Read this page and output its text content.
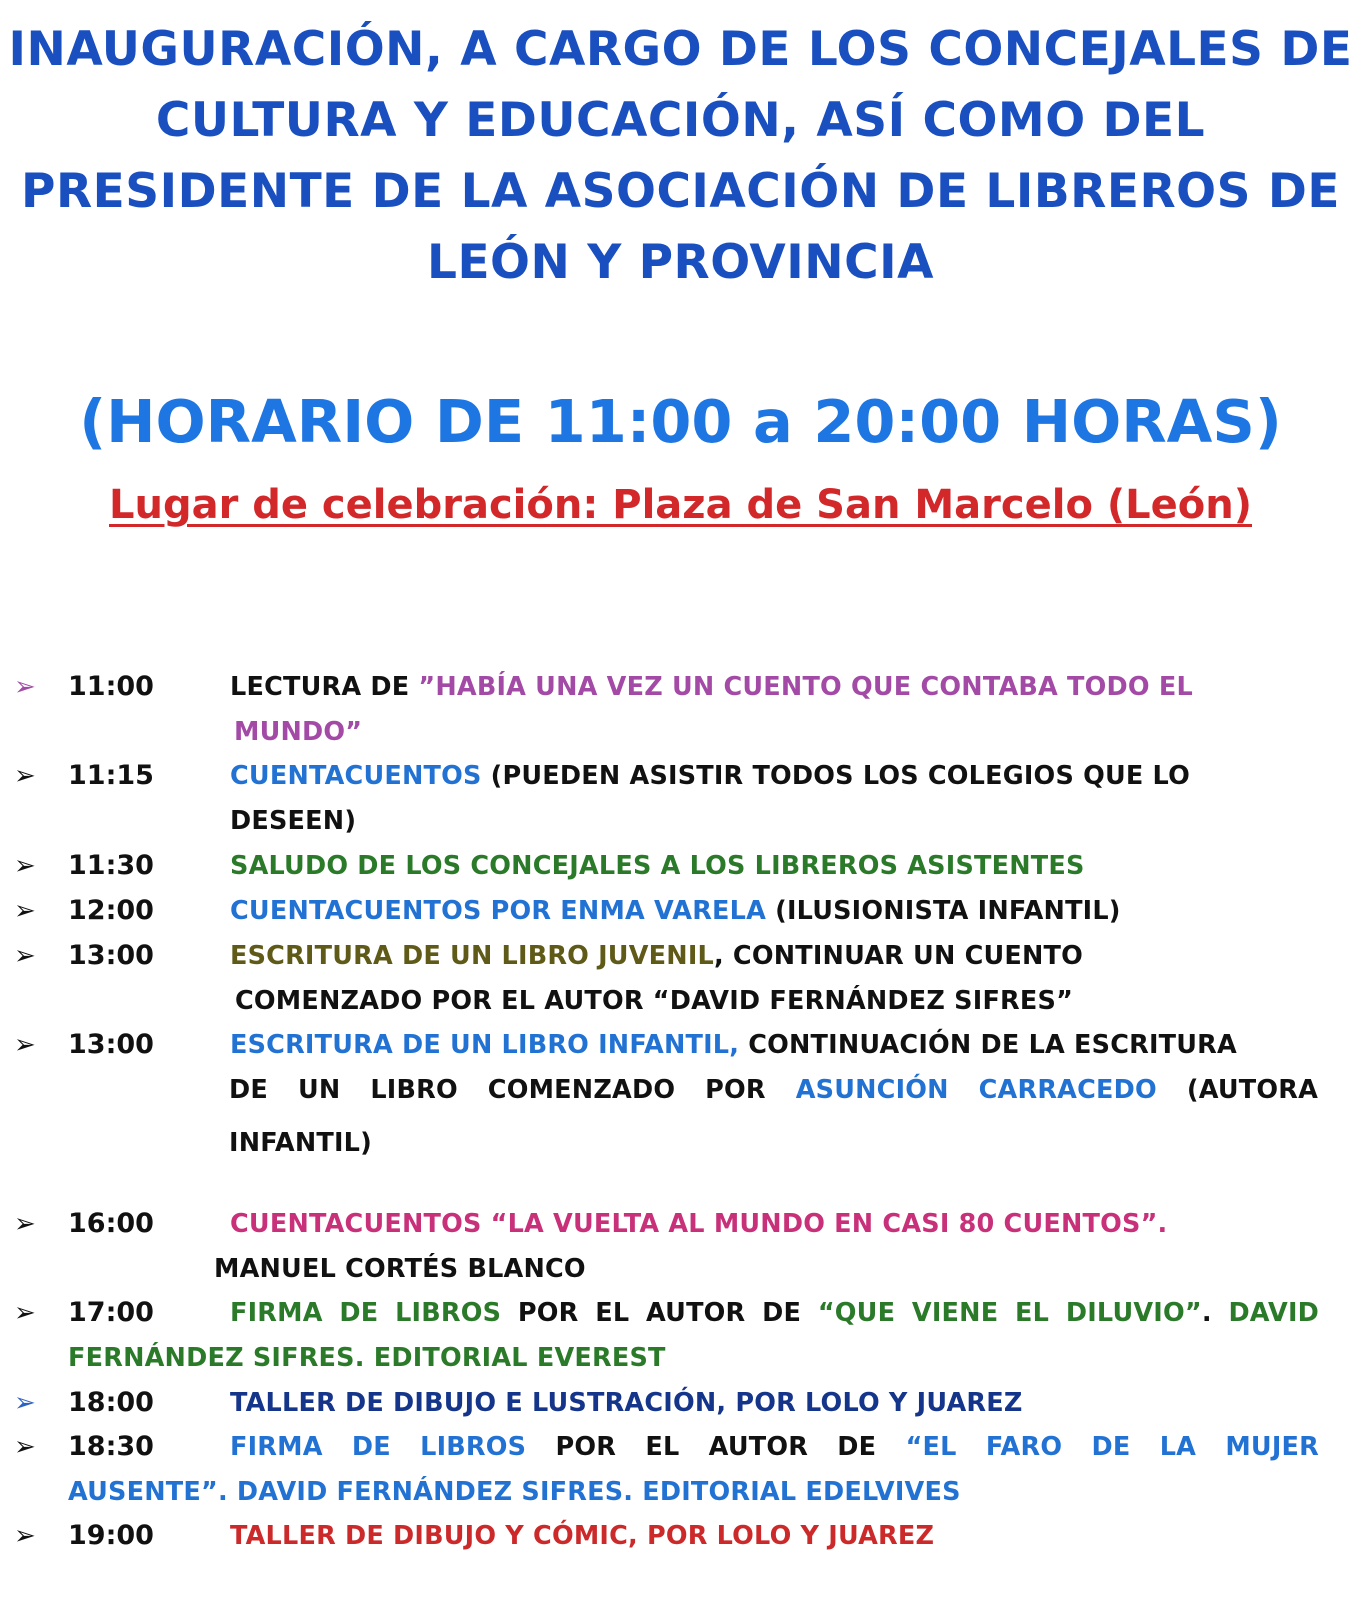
INAUGURACIÓN, A CARGO DE LOS CONCEJALES DE
CULTURA Y EDUCACIÓN, ASÍ COMO DEL
PRESIDENTE DE LA ASOCIACIÓN DE LIBREROS DE
LEÓN Y PROVINCIA
(HORARIO DE 11:00 a 20:00 HORAS)
Lugar de celebración: Plaza de San Marcelo (León)
➢ 11:00	LECTURA DE ”HABÍA UNA VEZ UN CUENTO QUE CONTABA TODO EL
MUNDO”
➢ 11:15	CUENTACUENTOS (PUEDEN ASISTIR TODOS LOS COLEGIOS QUE LO
DESEEN)
➢ 11:30	SALUDO DE LOS CONCEJALES A LOS LIBREROS ASISTENTES
➢ 12:00	CUENTACUENTOS POR ENMA VARELA (ILUSIONISTA INFANTIL)
➢ 13:00	ESCRITURA DE UN LIBRO JUVENIL, CONTINUAR UN CUENTO
COMENZADO POR EL AUTOR “DAVID FERNÁNDEZ SIFRES”
➢ 13:00	ESCRITURA DE UN LIBRO INFANTIL, CONTINUACIÓN DE LA ESCRITURA
DE UN LIBRO COMENZADO POR ASUNCIÓN CARRACEDO (AUTORA
INFANTIL)
➢ 16:00	CUENTACUENTOS “LA VUELTA AL MUNDO EN CASI 80 CUENTOS”.
MANUEL CORTÉS BLANCO
➢ 17:00	FIRMA DE LIBROS POR EL AUTOR DE “QUE VIENE EL DILUVIO”. DAVID
FERNÁNDEZ SIFRES. EDITORIAL EVEREST
➢ 18:00	TALLER DE DIBUJO E LUSTRACIÓN, POR LOLO Y JUAREZ
➢ 18:30	FIRMA DE LIBROS POR EL AUTOR DE “EL FARO DE LA MUJER
AUSENTE”. DAVID FERNÁNDEZ SIFRES. EDITORIAL EDELVIVES
➢ 19:00	TALLER DE DIBUJO Y CÓMIC, POR LOLO Y JUAREZ
